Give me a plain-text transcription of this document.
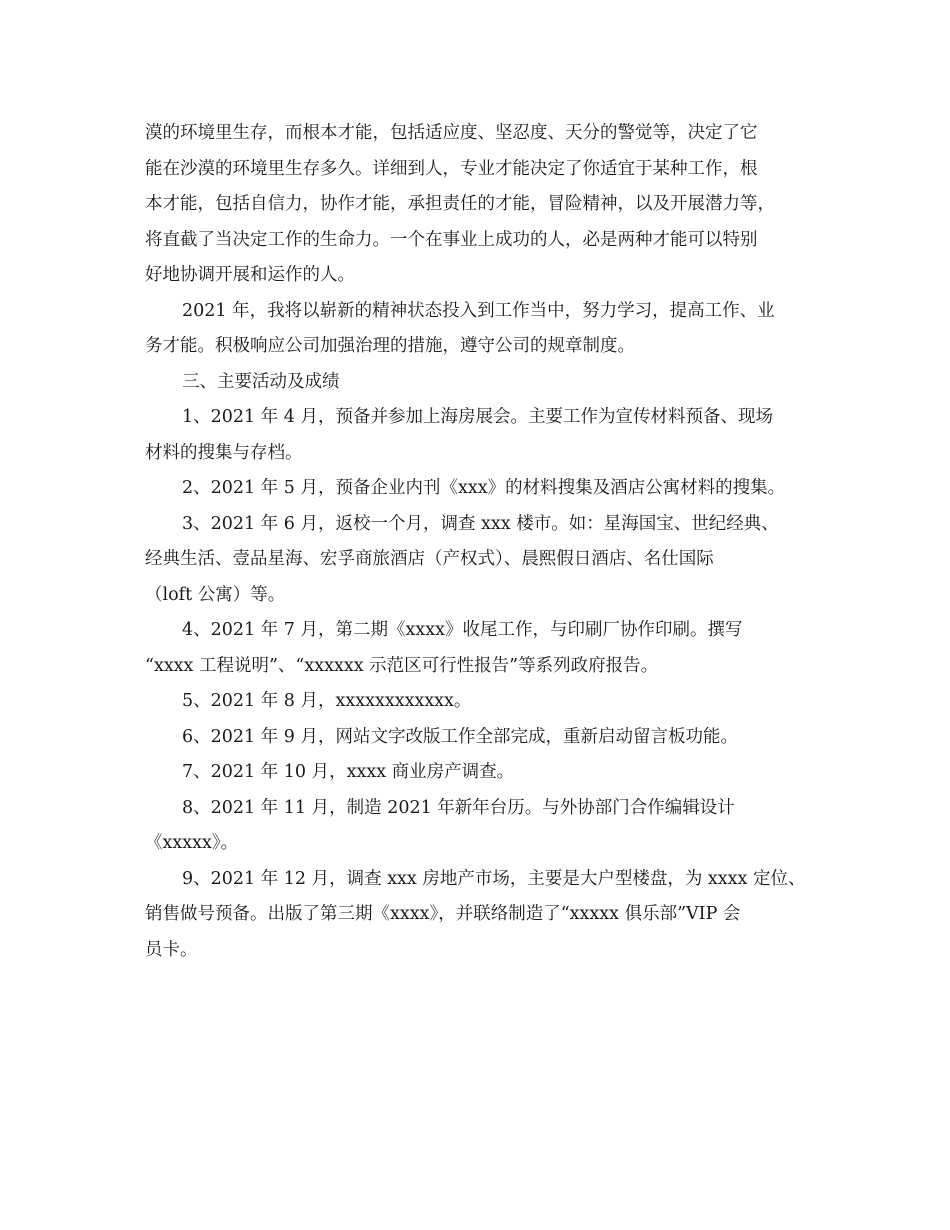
漠的环境里生存，而根本才能，包括适应度、坚忍度、天分的警觉等，决定了它
能在沙漠的环境里生存多久。详细到人，专业才能决定了你适宜于某种工作，根
本才能，包括自信力，协作才能，承担责任的才能，冒险精神，以及开展潜力等，
将直截了当决定工作的生命力。一个在事业上成功的人，必是两种才能可以特别
好地协调开展和运作的人。

2021 年，我将以崭新的精神状态投入到工作当中，努力学习，提高工作、业
务才能。积极响应公司加强治理的措施，遵守公司的规章制度。

三、主要活动及成绩

1、2021 年 4 月，预备并参加上海房展会。主要工作为宣传材料预备、现场
材料的搜集与存档。

2、2021 年 5 月，预备企业内刊《xxx》的材料搜集及酒店公寓材料的搜集。

3、2021 年 6 月，返校一个月，调查 xxx 楼市。如：星海国宝、世纪经典、
经典生活、壹品星海、宏孚商旅酒店（产权式）、晨熙假日酒店、名仕国际
（loft 公寓）等。

4、2021 年 7 月，第二期《xxxx》收尾工作，与印刷厂协作印刷。撰写
“xxxx 工程说明”、“xxxxxx 示范区可行性报告”等系列政府报告。

5、2021 年 8 月，xxxxxxxxxxxx。

6、2021 年 9 月，网站文字改版工作全部完成，重新启动留言板功能。

7、2021 年 10 月，xxxx 商业房产调查。

8、2021 年 11 月，制造 2021 年新年台历。与外协部门合作编辑设计
《xxxxx》。

9、2021 年 12 月，调查 xxx 房地产市场，主要是大户型楼盘，为 xxxx 定位、
销售做号预备。出版了第三期《xxxx》，并联络制造了“xxxxx 俱乐部”VIP 会
员卡。
